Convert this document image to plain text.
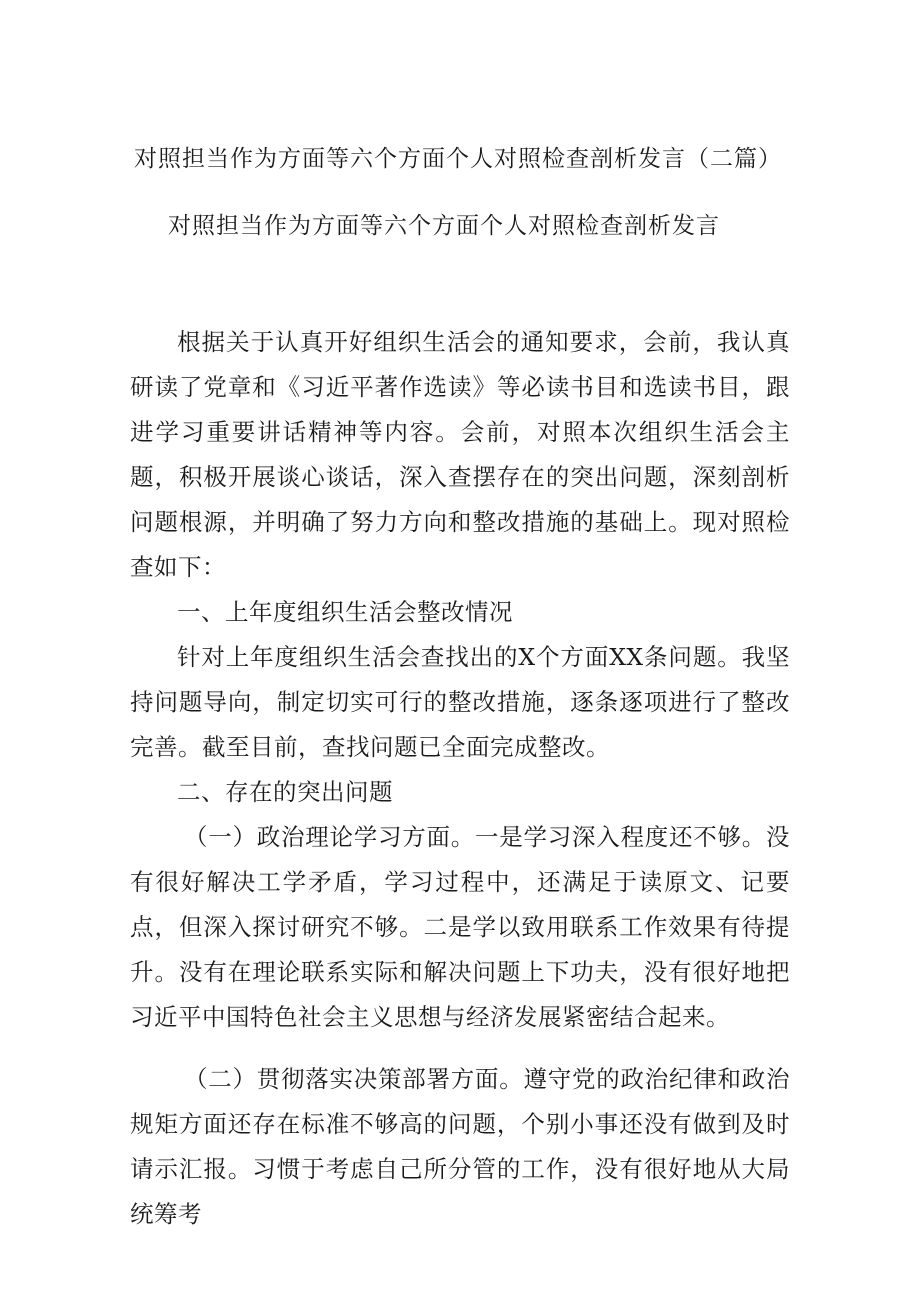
对照担当作为方面等六个方面个人对照检查剖析发言（二篇）
对照担当作为方面等六个方面个人对照检查剖析发言

根据关于认真开好组织生活会的通知要求，会前，我认真研读了党章和《习近平著作选读》等必读书目和选读书目，跟进学习重要讲话精神等内容。会前，对照本次组织生活会主题，积极开展谈心谈话，深入查摆存在的突出问题，深刻剖析问题根源，并明确了努力方向和整改措施的基础上。现对照检查如下：

一、上年度组织生活会整改情况

针对上年度组织生活会查找出的X个方面XX条问题。我坚持问题导向，制定切实可行的整改措施，逐条逐项进行了整改完善。截至目前，查找问题已全面完成整改。

二、存在的突出问题

（一）政治理论学习方面。一是学习深入程度还不够。没有很好解决工学矛盾，学习过程中，还满足于读原文、记要点，但深入探讨研究不够。二是学以致用联系工作效果有待提升。没有在理论联系实际和解决问题上下功夫，没有很好地把习近平中国特色社会主义思想与经济发展紧密结合起来。

（二）贯彻落实决策部署方面。遵守党的政治纪律和政治规矩方面还存在标准不够高的问题，个别小事还没有做到及时请示汇报。习惯于考虑自己所分管的工作，没有很好地从大局统筹考
